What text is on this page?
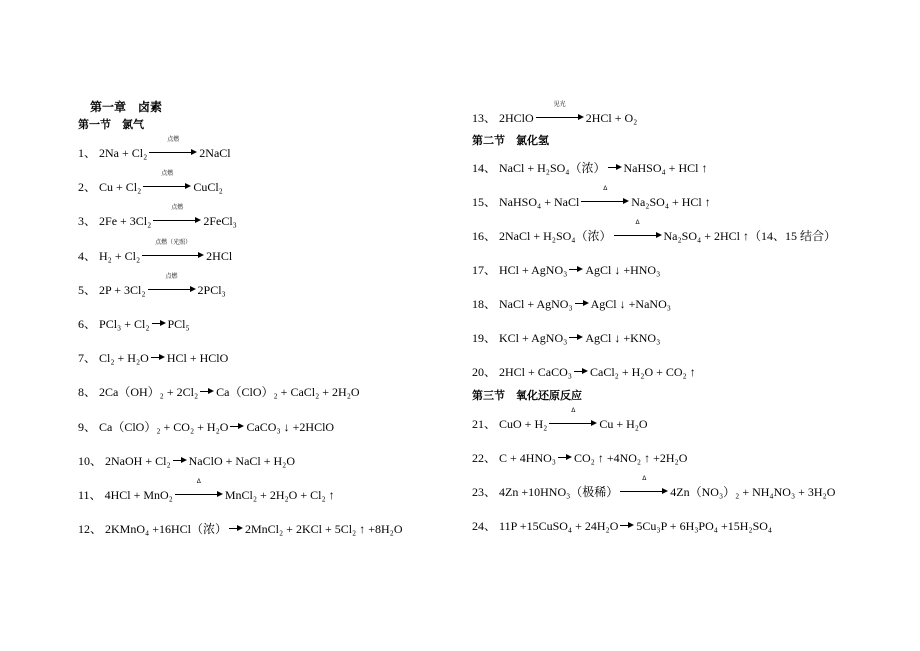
第一章　卤素
第一节　氯气
1、 2Na + Cl₂
点燃
2NaCl
2、 Cu + Cl₂
点燃
CuCl₂
3、 2Fe + 3Cl₂
点燃
2FeCl₃
4、 H₂ + Cl₂
点燃（光照）
2HCl
5、 2P + 3Cl₂
点燃
2PCl₃
6、 PCl₃ + Cl₂ PCl₅
7、 Cl₂ + H₂O HCl + HClO
8、 2Ca（OH）₂ + 2Cl₂ Ca（ClO）₂ + CaCl₂ + 2H₂O
9、 Ca（ClO）₂ + CO₂ + H₂O CaCO₃ ↓ +2HClO
10、 2NaOH + Cl₂ NaClO + NaCl + H₂O
11、 4HCl + MnO₂
Δ
MnCl₂ + 2H₂O + Cl₂ ↑
12、 2KMnO₄ +16HCl（浓） 2MnCl₂ + 2KCl + 5Cl₂ ↑ +8H₂O
13、 2HClO
见光
2HCl + O₂
第二节　氯化氢
14、 NaCl + H₂SO₄（浓） NaHSO₄ + HCl ↑
15、 NaHSO₄ + NaCl
Δ
Na₂SO₄ + HCl ↑
16、 2NaCl + H₂SO₄（浓）
Δ
Na₂SO₄ + 2HCl ↑（14、15 结合）
17、 HCl + AgNO₃ AgCl ↓ +HNO₃
18、 NaCl + AgNO₃ AgCl ↓ +NaNO₃
19、 KCl + AgNO₃ AgCl ↓ +KNO₃
20、 2HCl + CaCO₃ CaCl₂ + H₂O + CO₂ ↑
第三节　氧化还原反应
21、 CuO + H₂
Δ
Cu + H₂O
22、 C + 4HNO₃ CO₂ ↑ +4NO₂ ↑ +2H₂O
23、 4Zn +10HNO₃（极稀）
Δ
4Zn（NO₃）₂ + NH₄NO₃ + 3H₂O
24、 11P +15CuSO₄ + 24H₂O 5Cu₃P + 6H₃PO₄ +15H₂SO₄
